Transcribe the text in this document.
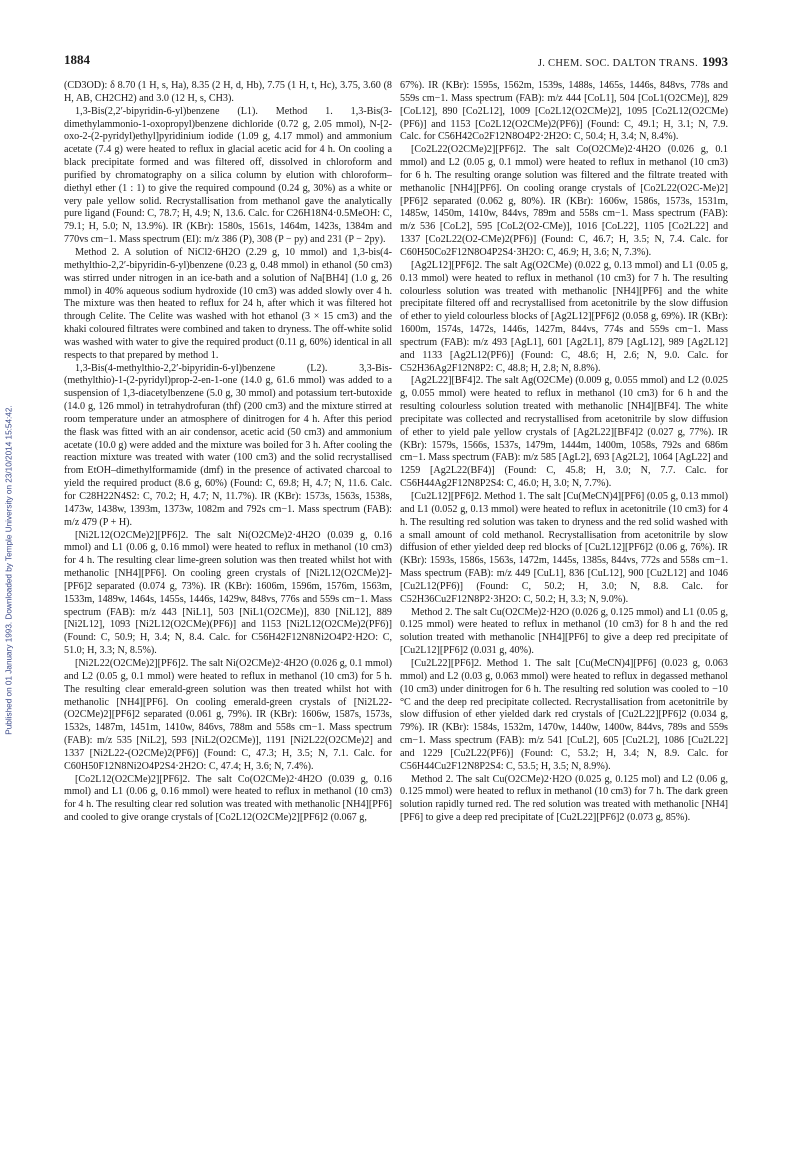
1884	J. CHEM. SOC. DALTON TRANS. 1993
Published on 01 January 1993. Downloaded by Temple University on 23/10/2014 15:54:42.

(CD3OD): δ 8.70 (1 H, s, Ha), 8.35 (2 H, d, Hb), 7.75 (1 H, t, Hc), 3.75, 3.60 (8 H, AB, CH2CH2) and 3.0 (12 H, s, CH3).

1,3-Bis(2,2′-bipyridin-6-yl)benzene (L1). Method 1. 1,3-Bis(3-dimethylammonio-1-oxopropyl)benzene dichloride (0.72 g, 2.05 mmol), N-[2-oxo-2-(2-pyridyl)ethyl]pyridinium iodide (1.09 g, 4.17 mmol) and ammonium acetate (7.4 g) were heated to reflux in glacial acetic acid for 4 h. On cooling a black precipitate formed and was filtered off, dissolved in chloroform and purified by chromatography on a silica column by elution with chloroform–diethyl ether (1 : 1) to give the required compound (0.24 g, 30%) as a white or very pale yellow solid. Recrystallisation from methanol gave the analytically pure ligand (Found: C, 78.7; H, 4.9; N, 13.6. Calc. for C26H18N4·0.5MeOH: C, 79.1; H, 5.0; N, 13.9%). IR (KBr): 1580s, 1561s, 1464m, 1423s, 1384m and 770vs cm−1. Mass spectrum (EI): m/z 386 (P), 308 (P − py) and 231 (P − 2py).

Method 2. A solution of NiCl2·6H2O (2.29 g, 10 mmol) and 1,3-bis(4-methylthio-2,2′-bipyridin-6-yl)benzene (0.23 g, 0.48 mmol) in ethanol (50 cm3) was stirred under nitrogen in an ice-bath and a solution of Na[BH4] (1.0 g, 26 mmol) in 40% aqueous sodium hydroxide (10 cm3) was added slowly over 4 h. The mixture was then heated to reflux for 24 h, after which it was filtered hot through Celite. The Celite was washed with hot ethanol (3 × 15 cm3) and the khaki coloured filtrates were combined and taken to dryness. The off-white solid was washed with water to give the required product (0.11 g, 60%) identical in all respects to that prepared by method 1.

1,3-Bis(4-methylthio-2,2′-bipyridin-6-yl)benzene (L2). 3,3-Bis-(methylthio)-1-(2-pyridyl)prop-2-en-1-one (14.0 g, 61.6 mmol) was added to a suspension of 1,3-diacetylbenzene (5.0 g, 30 mmol) and potassium tert-butoxide (14.0 g, 126 mmol) in tetrahydrofuran (thf) (200 cm3) and the mixture stirred at room temperature under an atmosphere of dinitrogen for 4 h. After this period the flask was fitted with an air condensor, acetic acid (50 cm3) and ammonium acetate (10.0 g) were added and the mixture was boiled for 3 h. After cooling the reaction mixture was treated with water (100 cm3) and the solid recrystallised from EtOH–dimethylformamide (dmf) in the presence of activated charcoal to yield the required product (8.6 g, 60%) (Found: C, 69.8; H, 4.7; N, 11.6. Calc. for C28H22N4S2: C, 70.2; H, 4.7; N, 11.7%). IR (KBr): 1573s, 1563s, 1538s, 1473w, 1438w, 1393m, 1373w, 1082m and 792s cm−1. Mass spectrum (FAB): m/z 479 (P + H).

[Ni2L12(O2CMe)2][PF6]2. The salt Ni(O2CMe)2·4H2O (0.039 g, 0.16 mmol) and L1 (0.06 g, 0.16 mmol) were heated to reflux in methanol (10 cm3) for 4 h. The resulting clear lime-green solution was then treated whilst hot with methanolic [NH4][PF6]. On cooling green crystals of [Ni2L12(O2CMe)2]-[PF6]2 separated (0.074 g, 73%). IR (KBr): 1606m, 1596m, 1576m, 1563m, 1533m, 1489w, 1464s, 1455s, 1446s, 1429w, 848vs, 776s and 559s cm−1. Mass spectrum (FAB): m/z 443 [NiL1], 503 [NiL1(O2CMe)], 830 [NiL12], 889 [Ni2L12], 1093 [Ni2L12(O2CMe)(PF6)] and 1153 [Ni2L12(O2CMe)2(PF6)] (Found: C, 50.9; H, 3.4; N, 8.4. Calc. for C56H42F12N8Ni2O4P2·H2O: C, 51.0; H, 3.3; N, 8.5%).

[Ni2L22(O2CMe)2][PF6]2. The salt Ni(O2CMe)2·4H2O (0.026 g, 0.1 mmol) and L2 (0.05 g, 0.1 mmol) were heated to reflux in methanol (10 cm3) for 5 h. The resulting clear emerald-green solution was then treated whilst hot with methanolic [NH4][PF6]. On cooling emerald-green crystals of [Ni2L22-(O2CMe)2][PF6]2 separated (0.061 g, 79%). IR (KBr): 1606w, 1587s, 1573s, 1532s, 1487m, 1451m, 1410w, 846vs, 788m and 558s cm−1. Mass spectrum (FAB): m/z 535 [NiL2], 593 [NiL2(O2CMe)], 1191 [Ni2L22(O2CMe)2] and 1337 [Ni2L22-(O2CMe)2(PF6)] (Found: C, 47.3; H, 3.5; N, 7.1. Calc. for C60H50F12N8Ni2O4P2S4·2H2O: C, 47.4; H, 3.6; N, 7.4%).

[Co2L12(O2CMe)2][PF6]2. The salt Co(O2CMe)2·4H2O (0.039 g, 0.16 mmol) and L1 (0.06 g, 0.16 mmol) were heated to reflux in methanol (10 cm3) for 4 h. The resulting clear red solution was treated with methanolic [NH4][PF6] and cooled to give orange crystals of [Co2L12(O2CMe)2][PF6]2 (0.067 g,

67%). IR (KBr): 1595s, 1562m, 1539s, 1488s, 1465s, 1446s, 848vs, 778s and 559s cm−1. Mass spectrum (FAB): m/z 444 [CoL1], 504 [CoL1(O2CMe)], 829 [CoL12], 890 [Co2L12], 1009 [Co2L12(O2CMe)2], 1095 [Co2L12(O2CMe)(PF6)] and 1153 [Co2L12(O2CMe)2(PF6)] (Found: C, 49.1; H, 3.1; N, 7.9. Calc. for C56H42Co2F12N8O4P2·2H2O: C, 50.4; H, 3.4; N, 8.4%).

[Co2L22(O2CMe)2][PF6]2. The salt Co(O2CMe)2·4H2O (0.026 g, 0.1 mmol) and L2 (0.05 g, 0.1 mmol) were heated to reflux in methanol (10 cm3) for 6 h. The resulting orange solution was filtered and the filtrate treated with methanolic [NH4][PF6]. On cooling orange crystals of [Co2L22(O2C-Me)2][PF6]2 separated (0.062 g, 80%). IR (KBr): 1606w, 1586s, 1573s, 1531m, 1485w, 1450m, 1410w, 844vs, 789m and 558s cm−1. Mass spectrum (FAB): m/z 536 [CoL2], 595 [CoL2(O2-CMe)], 1016 [CoL22], 1105 [Co2L22] and 1337 [Co2L22(O2-CMe)2(PF6)] (Found: C, 46.7; H, 3.5; N, 7.4. Calc. for C60H50Co2F12N8O4P2S4·3H2O: C, 46.9; H, 3.6; N, 7.3%).

[Ag2L12][PF6]2. The salt Ag(O2CMe) (0.022 g, 0.13 mmol) and L1 (0.05 g, 0.13 mmol) were heated to reflux in methanol (10 cm3) for 7 h. The resulting colourless solution was treated with methanolic [NH4][PF6] and the white precipitate filtered off and recrystallised from acetonitrile by the slow diffusion of ether to yield colourless blocks of [Ag2L12][PF6]2 (0.058 g, 69%). IR (KBr): 1600m, 1574s, 1472s, 1446s, 1427m, 844vs, 774s and 559s cm−1. Mass spectrum (FAB): m/z 493 [AgL1], 601 [Ag2L1], 879 [AgL12], 989 [Ag2L12] and 1133 [Ag2L12(PF6)] (Found: C, 48.6; H, 2.6; N, 9.0. Calc. for C52H36Ag2F12N8P2: C, 48.8; H, 2.8; N, 8.8%).

[Ag2L22][BF4]2. The salt Ag(O2CMe) (0.009 g, 0.055 mmol) and L2 (0.025 g, 0.055 mmol) were heated to reflux in methanol (10 cm3) for 6 h and the resulting colourless solution treated with methanolic [NH4][BF4]. The white precipitate was collected and recrystallised from acetonitrile by slow diffusion of ether to yield pale yellow crystals of [Ag2L22][BF4]2 (0.027 g, 77%). IR (KBr): 1579s, 1566s, 1537s, 1479m, 1444m, 1400m, 1058s, 792s and 686m cm−1. Mass spectrum (FAB): m/z 585 [AgL2], 693 [Ag2L2], 1064 [AgL22] and 1259 [Ag2L22(BF4)] (Found: C, 45.8; H, 3.0; N, 7.7. Calc. for C56H44Ag2F12N8P2S4: C, 46.0; H, 3.0; N, 7.7%).

[Cu2L12][PF6]2. Method 1. The salt [Cu(MeCN)4][PF6] (0.05 g, 0.13 mmol) and L1 (0.052 g, 0.13 mmol) were heated to reflux in acetonitrile (10 cm3) for 4 h. The resulting red solution was taken to dryness and the red solid washed with a small amount of cold methanol. Recrystallisation from acetonitrile by slow diffusion of ether yielded deep red blocks of [Cu2L12][PF6]2 (0.06 g, 76%). IR (KBr): 1593s, 1586s, 1563s, 1472m, 1445s, 1385s, 844vs, 772s and 558s cm−1. Mass spectrum (FAB): m/z 449 [CuL1], 836 [CuL12], 900 [Cu2L12] and 1046 [Cu2L12(PF6)] (Found: C, 50.2; H, 3.0; N, 8.8. Calc. for C52H36Cu2F12N8P2·3H2O: C, 50.2; H, 3.3; N, 9.0%).

Method 2. The salt Cu(O2CMe)2·H2O (0.026 g, 0.125 mmol) and L1 (0.05 g, 0.125 mmol) were heated to reflux in methanol (10 cm3) for 8 h and the red solution treated with methanolic [NH4][PF6] to give a deep red precipitate of [Cu2L12][PF6]2 (0.031 g, 40%).

[Cu2L22][PF6]2. Method 1. The salt [Cu(MeCN)4][PF6] (0.023 g, 0.063 mmol) and L2 (0.03 g, 0.063 mmol) were heated to reflux in degassed methanol (10 cm3) under dinitrogen for 6 h. The resulting red solution was cooled to −10 °C and the deep red precipitate collected. Recrystallisation from acetonitrile by slow diffusion of ether yielded dark red crystals of [Cu2L22][PF6]2 (0.034 g, 79%). IR (KBr): 1584s, 1532m, 1470w, 1440w, 1400w, 844vs, 789s and 559s cm−1. Mass spectrum (FAB): m/z 541 [CuL2], 605 [Cu2L2], 1086 [Cu2L22] and 1229 [Cu2L22(PF6)] (Found: C, 53.2; H, 3.4; N, 8.9. Calc. for C56H44Cu2F12N8P2S4: C, 53.5; H, 3.5; N, 8.9%).

Method 2. The salt Cu(O2CMe)2·H2O (0.025 g, 0.125 mol) and L2 (0.06 g, 0.125 mmol) were heated to reflux in methanol (10 cm3) for 7 h. The dark green solution rapidly turned red. The red solution was treated with methanolic [NH4][PF6] to give a deep red precipitate of [Cu2L22][PF6]2 (0.073 g, 85%).
